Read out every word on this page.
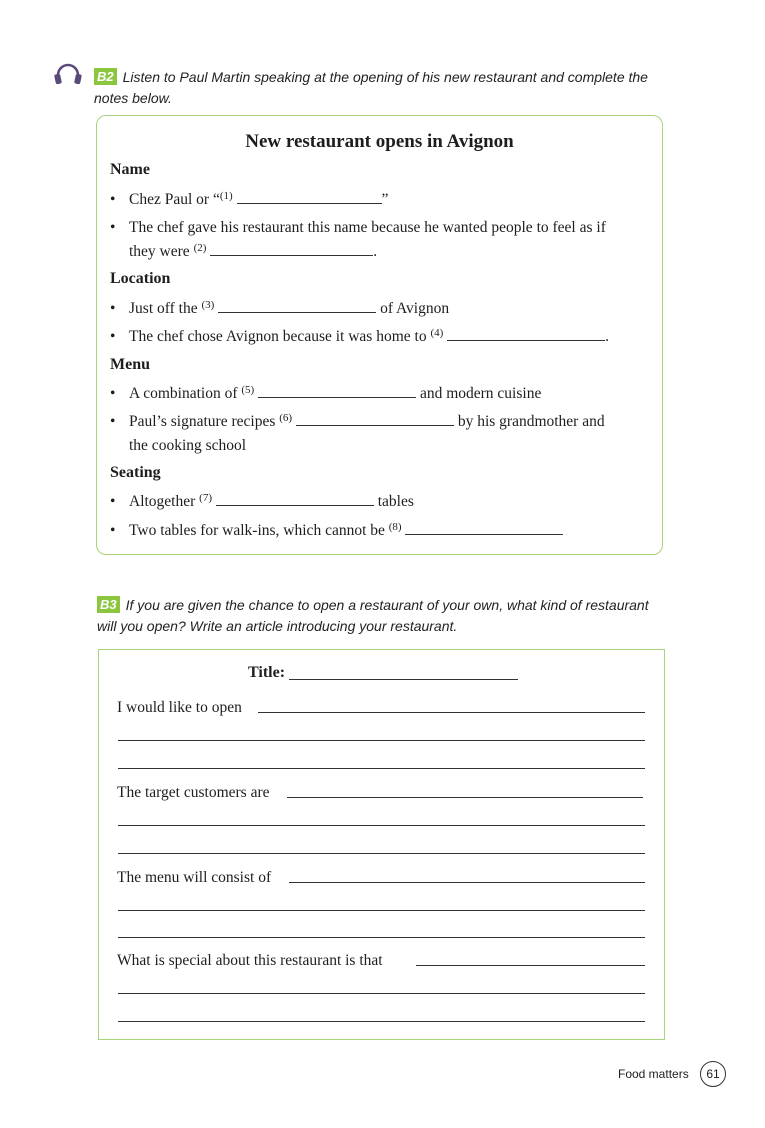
B2 Listen to Paul Martin speaking at the opening of his new restaurant and complete the
notes below.
New restaurant opens in Avignon
Name
• Chez Paul or “$^{(1)}$	”
• The chef gave his restaurant this name because he wanted people to feel as if
they were $^{(2)}$	.
Location
• Just off the $^{(3)}$	of Avignon
• The chef chose Avignon because it was home to $^{(4)}$	.
Menu
• A combination of $^{(5)}$	and modern cuisine
• Paul’s signature recipes $^{(6)}$	by his grandmother and
the cooking school
Seating
• Altogether $^{(7)}$	tables
• Two tables for walk-ins, which cannot be $^{(8)}$
B3 If you are given the chance to open a restaurant of your own, what kind of restaurant
will you open? Write an article introducing your restaurant.
Title:
I would like to open
The target customers are
The menu will consist of
What is special about this restaurant is that
Food matters	61
